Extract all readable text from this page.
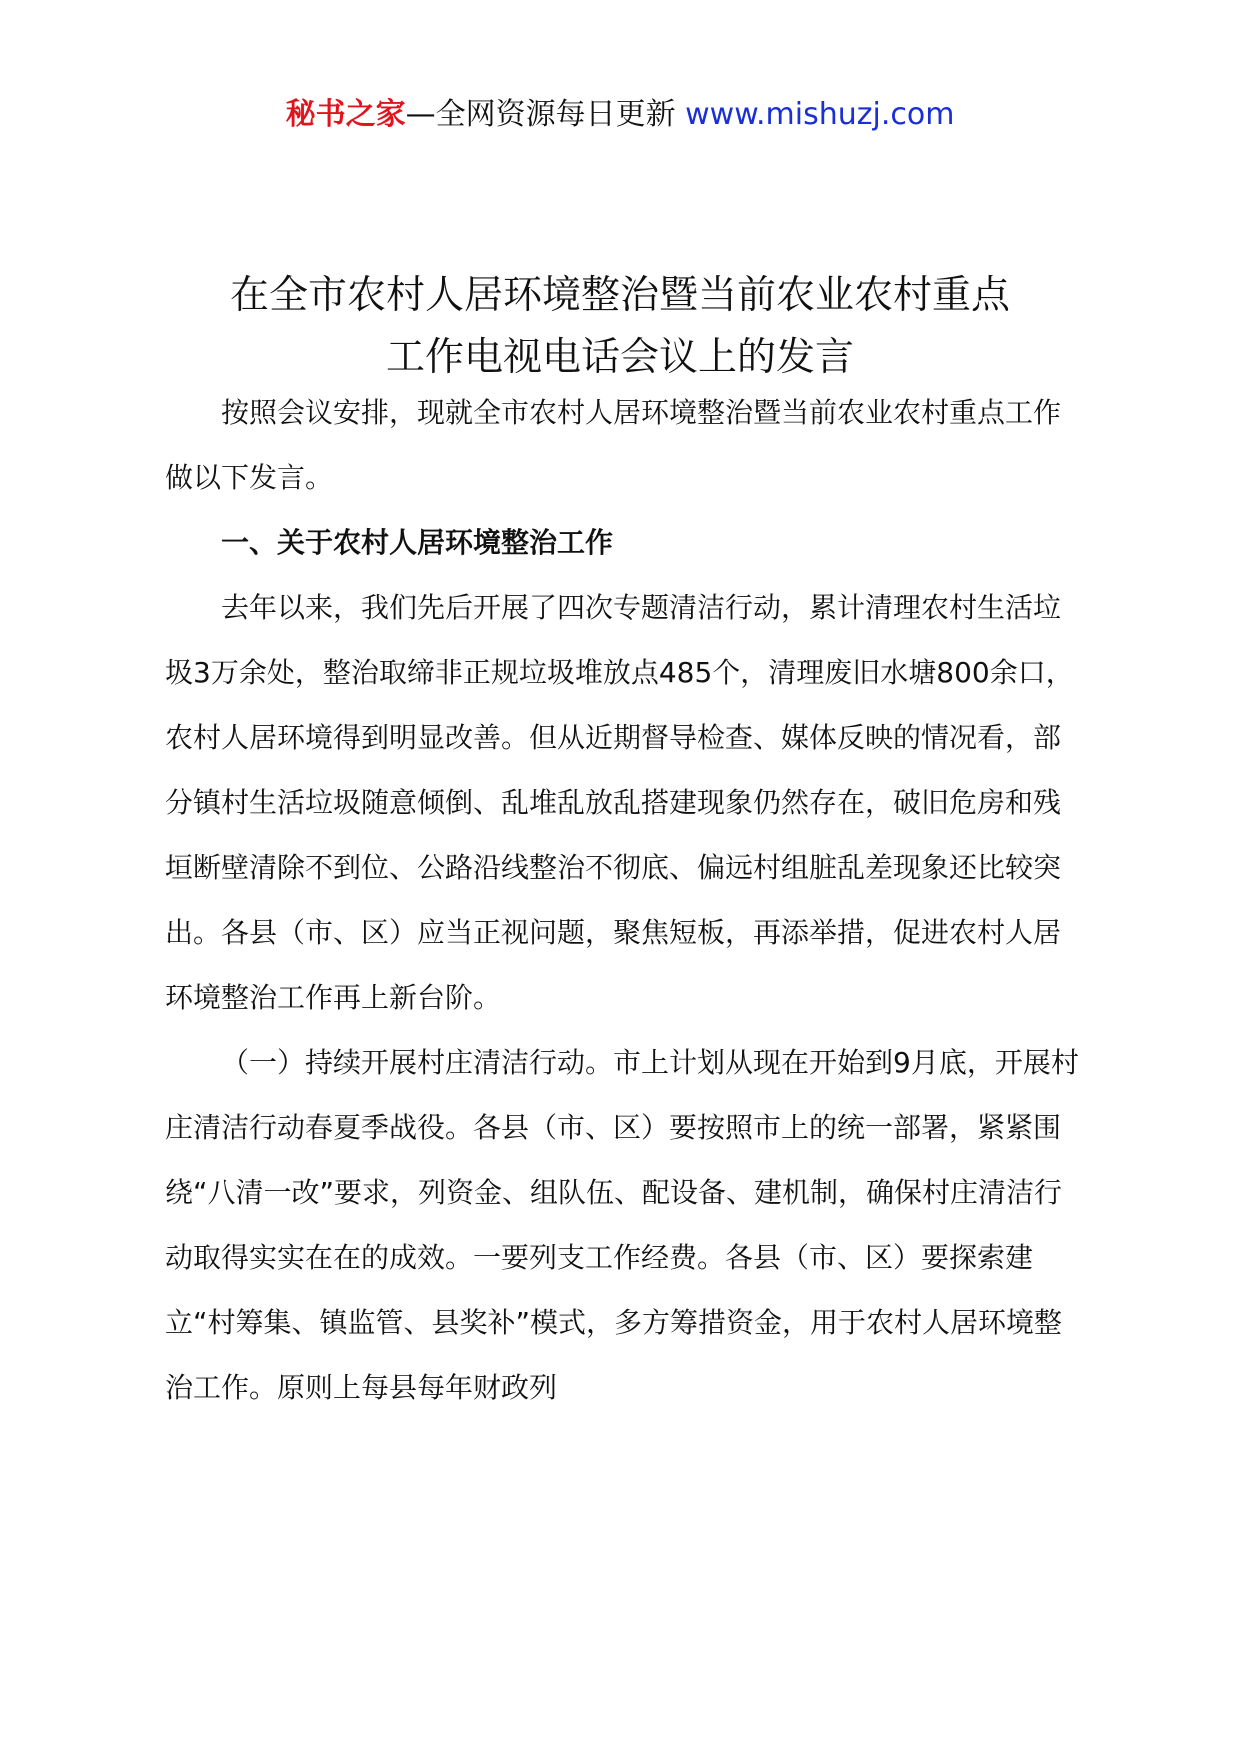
秘书之家—全网资源每日更新 www.mishuzj.com
在全市农村人居环境整治暨当前农业农村重点
工作电视电话会议上的发言

按照会议安排，现就全市农村人居环境整治暨当前农业农村重点工作做以下发言。

一、关于农村人居环境整治工作

去年以来，我们先后开展了四次专题清洁行动，累计清理农村生活垃圾3万余处，整治取缔非正规垃圾堆放点485个，清理废旧水塘800余口，农村人居环境得到明显改善。但从近期督导检查、媒体反映的情况看，部分镇村生活垃圾随意倾倒、乱堆乱放乱搭建现象仍然存在，破旧危房和残垣断壁清除不到位、公路沿线整治不彻底、偏远村组脏乱差现象还比较突出。各县（市、区）应当正视问题，聚焦短板，再添举措，促进农村人居环境整治工作再上新台阶。

（一）持续开展村庄清洁行动。市上计划从现在开始到9月底，开展村庄清洁行动春夏季战役。各县（市、区）要按照市上的统一部署，紧紧围绕“八清一改”要求，列资金、组队伍、配设备、建机制，确保村庄清洁行动取得实实在在的成效。一要列支工作经费。各县（市、区）要探索建立“村筹集、镇监管、县奖补”模式，多方筹措资金，用于农村人居环境整治工作。原则上每县每年财政列
